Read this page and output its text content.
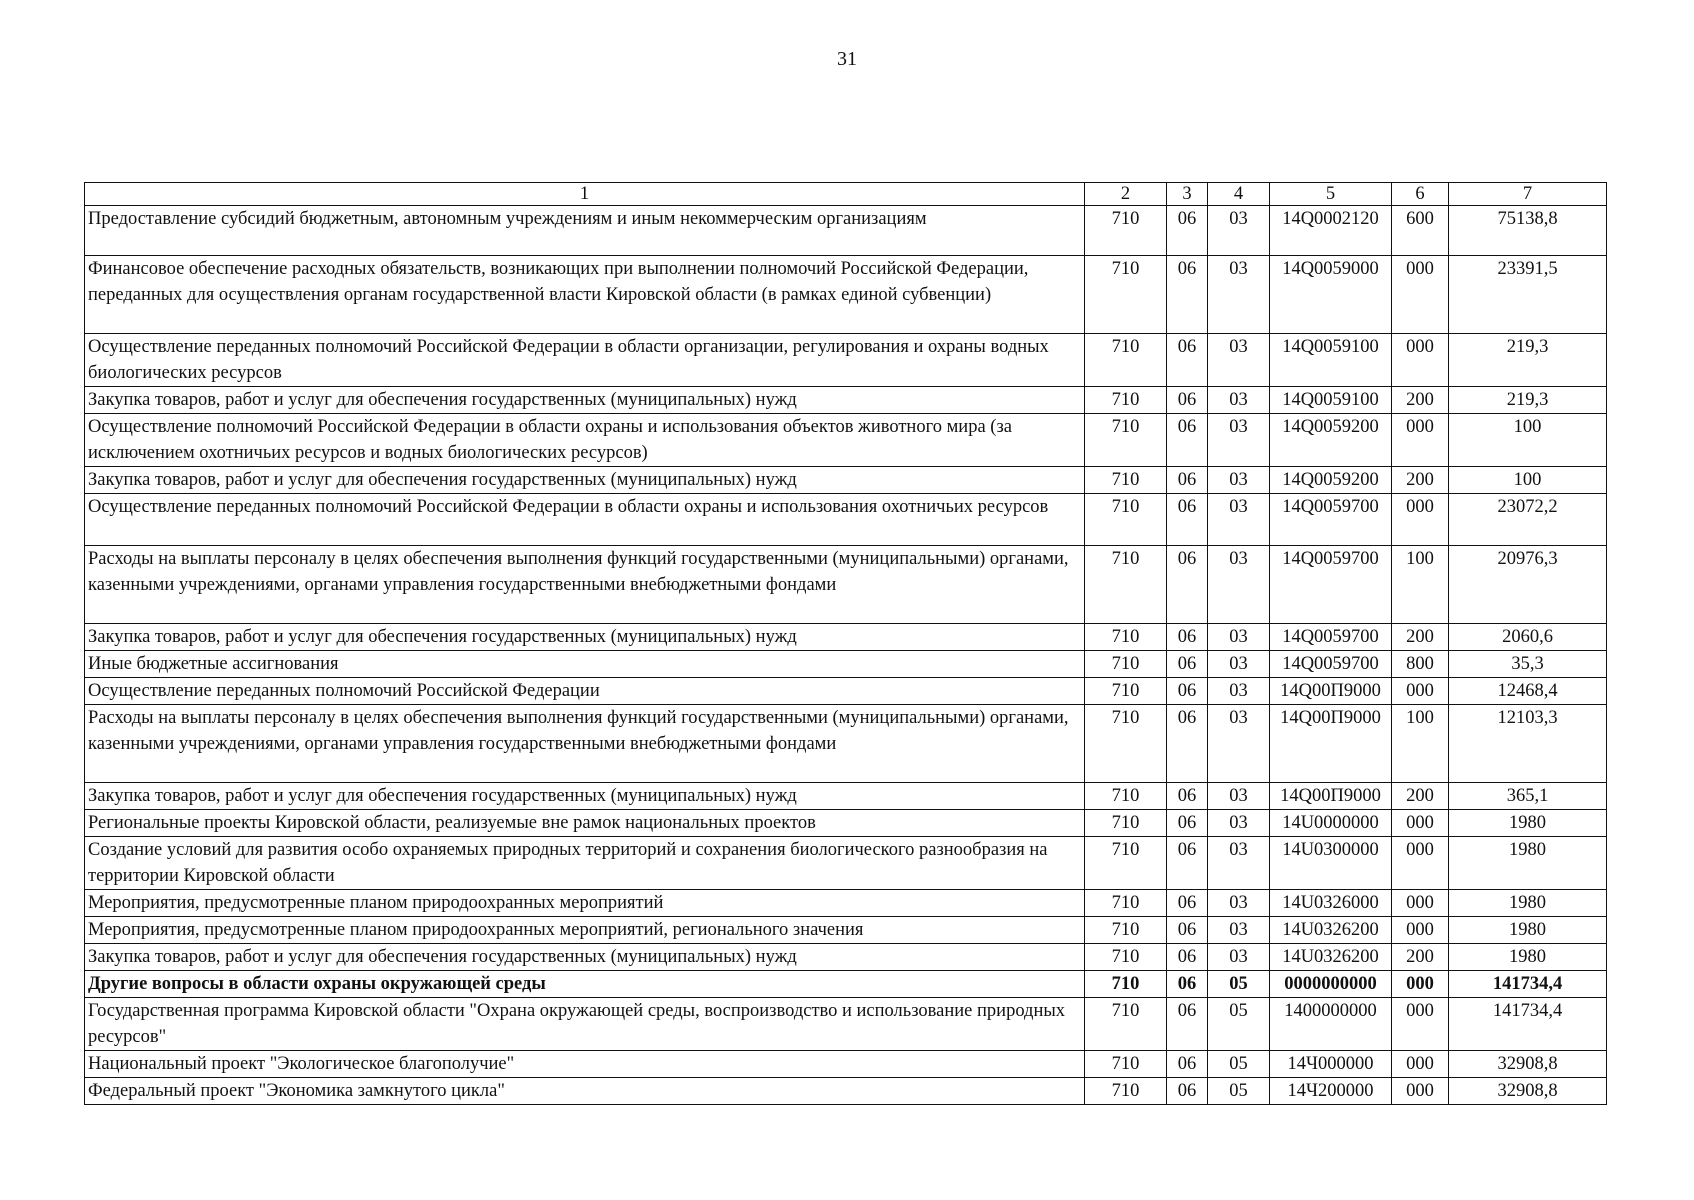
31
1	2	3	4	5	6	7
Предоставление субсидий бюджетным, автономным учреждениям и иным некоммерческим организациям	710	06	03	14Q0002120	600	75138,8
Финансовое обеспечение расходных обязательств, возникающих при выполнении полномочий Российской Федерации, переданных для осуществления органам государственной власти Кировской области (в рамках единой субвенции)	710	06	03	14Q0059000	000	23391,5
Осуществление переданных полномочий Российской Федерации в области организации, регулирования и охраны водных биологических ресурсов	710	06	03	14Q0059100	000	219,3
Закупка товаров, работ и услуг для обеспечения государственных (муниципальных) нужд	710	06	03	14Q0059100	200	219,3
Осуществление полномочий Российской Федерации в области охраны и использования объектов животного мира (за исключением охотничьих ресурсов и водных биологических ресурсов)	710	06	03	14Q0059200	000	100
Закупка товаров, работ и услуг для обеспечения государственных (муниципальных) нужд	710	06	03	14Q0059200	200	100
Осуществление переданных полномочий Российской Федерации в области охраны и использования охотничьих ресурсов	710	06	03	14Q0059700	000	23072,2
Расходы на выплаты персоналу в целях обеспечения выполнения функций государственными (муниципальными) органами, казенными учреждениями, органами управления государственными внебюджетными фондами	710	06	03	14Q0059700	100	20976,3
Закупка товаров, работ и услуг для обеспечения государственных (муниципальных) нужд	710	06	03	14Q0059700	200	2060,6
Иные бюджетные ассигнования	710	06	03	14Q0059700	800	35,3
Осуществление переданных полномочий Российской Федерации	710	06	03	14Q00П9000	000	12468,4
Расходы на выплаты персоналу в целях обеспечения выполнения функций государственными (муниципальными) органами, казенными учреждениями, органами управления государственными внебюджетными фондами	710	06	03	14Q00П9000	100	12103,3
Закупка товаров, работ и услуг для обеспечения государственных (муниципальных) нужд	710	06	03	14Q00П9000	200	365,1
Региональные проекты Кировской области, реализуемые вне рамок национальных проектов	710	06	03	14U0000000	000	1980
Создание условий для развития особо охраняемых природных территорий и сохранения биологического разнообразия на территории Кировской области	710	06	03	14U0300000	000	1980
Мероприятия, предусмотренные планом природоохранных мероприятий	710	06	03	14U0326000	000	1980
Мероприятия, предусмотренные планом природоохранных мероприятий, регионального значения	710	06	03	14U0326200	000	1980
Закупка товаров, работ и услуг для обеспечения государственных (муниципальных) нужд	710	06	03	14U0326200	200	1980
Другие вопросы в области охраны окружающей среды	710	06	05	0000000000	000	141734,4
Государственная программа Кировской области "Охрана окружающей среды, воспроизводство и использование природных ресурсов"	710	06	05	1400000000	000	141734,4
Национальный проект "Экологическое благополучие"	710	06	05	14Ч000000	000	32908,8
Федеральный проект "Экономика замкнутого цикла"	710	06	05	14Ч200000	000	32908,8
